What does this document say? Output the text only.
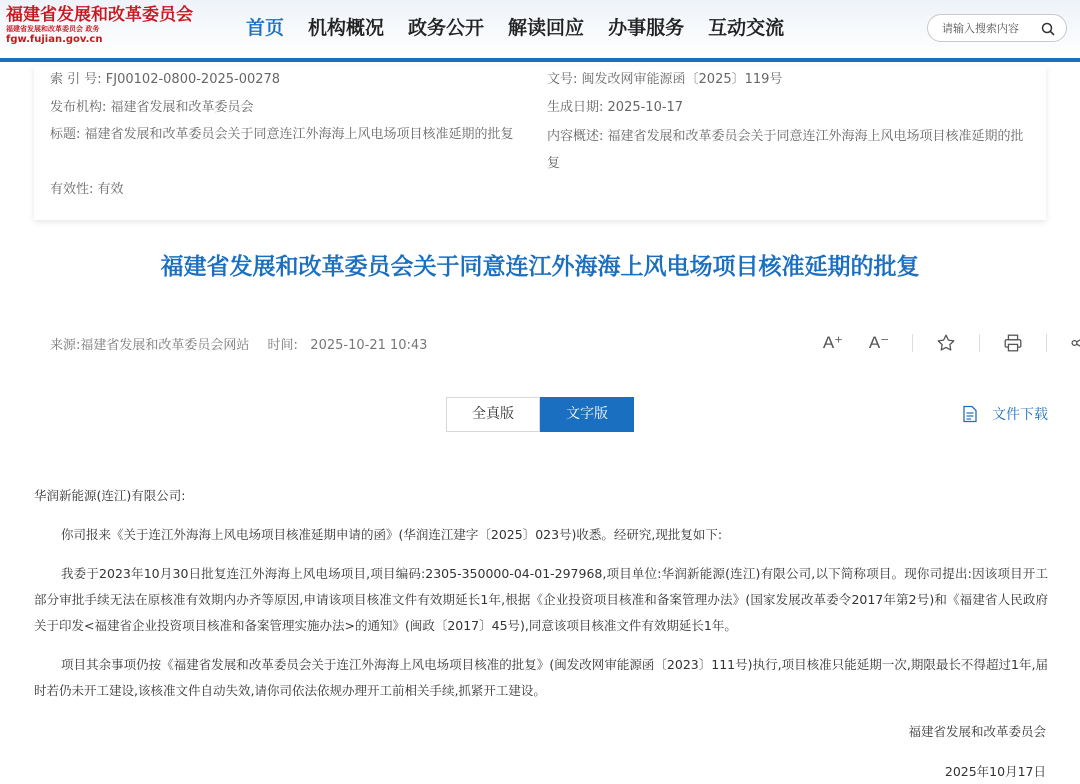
福建省发展和改革委员会
福建省发展和改革委员会 政务
fgw.fujian.gov.cn
首页 机构概况 政务公开 解读回应 办事服务 互动交流
请输入搜索内容
索 引 号: FJ00102-0800-2025-00278	文号: 闽发改网审能源函〔2025〕119号
发布机构: 福建省发展和改革委员会	生成日期: 2025-10-17
标题: 福建省发展和改革委员会关于同意连江外海海上风电场项目核准延期的批复	内容概述: 福建省发展和改革委员会关于同意连江外海海上风电场项目核准延期的批复
有效性: 有效
福建省发展和改革委员会关于同意连江外海海上风电场项目核准延期的批复
来源:福建省发展和改革委员会网站 时间:   2025-10-21 10:43	A⁺ A⁻
全真版	文字版	文件下载
华润新能源(连江)有限公司:
你司报来《关于连江外海海上风电场项目核准延期申请的函》(华润连江建字〔2025〕023号)收悉。经研究,现批复如下:
我委于2023年10月30日批复连江外海海上风电场项目,项目编码:2305-350000-04-01-297968,项目单位:华润新能源(连江)有限公司,以下简称项目。现你司提出:因该项目开工部分审批手续无法在原核准有效期内办齐等原因,申请该项目核准文件有效期延长1年,根据《企业投资项目核准和备案管理办法》(国家发展改革委令2017年第2号)和《福建省人民政府关于印发<福建省企业投资项目核准和备案管理实施办法>的通知》(闽政〔2017〕45号),同意该项目核准文件有效期延长1年。
项目其余事项仍按《福建省发展和改革委员会关于连江外海海上风电场项目核准的批复》(闽发改网审能源函〔2023〕111号)执行,项目核准只能延期一次,期限最长不得超过1年,届时若仍未开工建设,该核准文件自动失效,请你司依法依规办理开工前相关手续,抓紧开工建设。
福建省发展和改革委员会
2025年10月17日
